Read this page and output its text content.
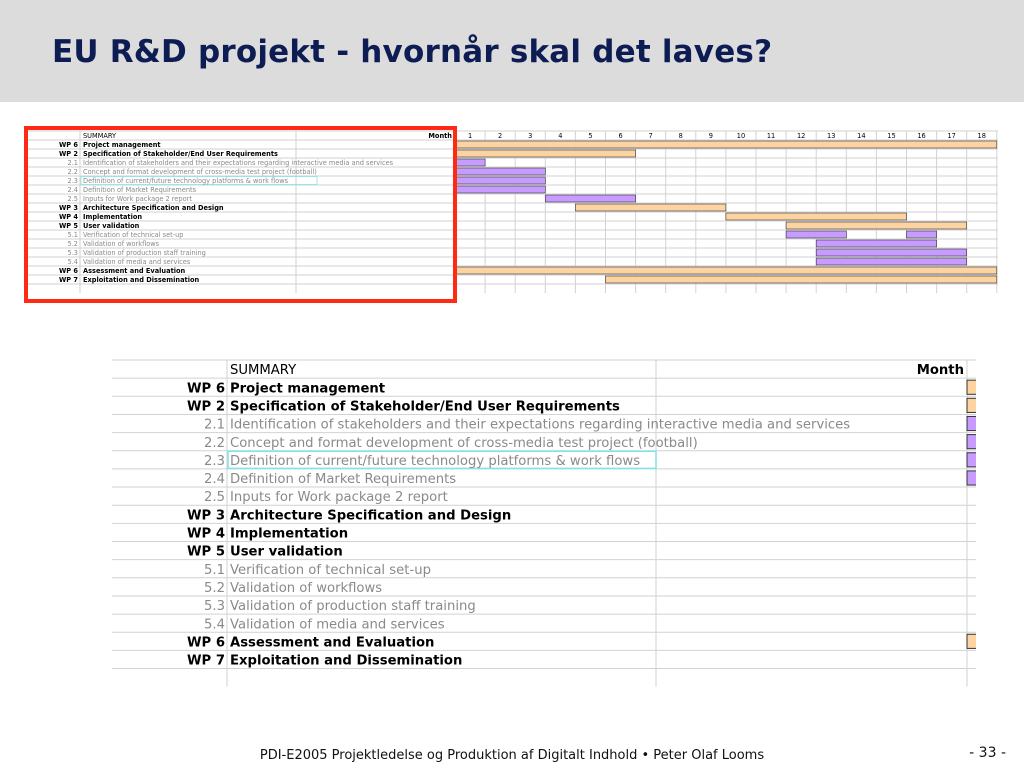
EU R&D projekt - hvornår skal det laves?
SUMMARY	Month 1	2	3	4	5	6	7	8	9	10	11	12	13	14	15	16	17	18
WP 6 Project management
WP 2 Specification of Stakeholder/End User Requirements
2.1 Identification of stakeholders and their expectations regarding interactive media and services
2.2 Concept and format development of cross-media test project (football)
2.3 Definition of current/future technology platforms & work flows
2.4 Definition of Market Requirements
2.5 Inputs for Work package 2 report
WP 3 Architecture Specification and Design
WP 4 Implementation
WP 5 User validation
5.1 Verification of technical set-up
5.2 Validation of workflows
5.3 Validation of production staff training
5.4 Validation of media and services
WP 6 Assessment and Evaluation
WP 7 Exploitation and Dissemination
SUMMARY	Month
WP 6 Project management
WP 2 Specification of Stakeholder/End User Requirements
2.1 Identification of stakeholders and their expectations regarding interactive media and services
2.2 Concept and format development of cross-media test project (football)
2.3 Definition of current/future technology platforms & work flows
2.4 Definition of Market Requirements
2.5 Inputs for Work package 2 report
WP 3 Architecture Specification and Design
WP 4 Implementation
WP 5 User validation
5.1 Verification of technical set-up
5.2 Validation of workflows
5.3 Validation of production staff training
5.4 Validation of media and services
WP 6 Assessment and Evaluation
WP 7 Exploitation and Dissemination
PDI-E2005 Projektledelse og Produktion af Digitalt Indhold • Peter Olaf Looms	- 33 -
